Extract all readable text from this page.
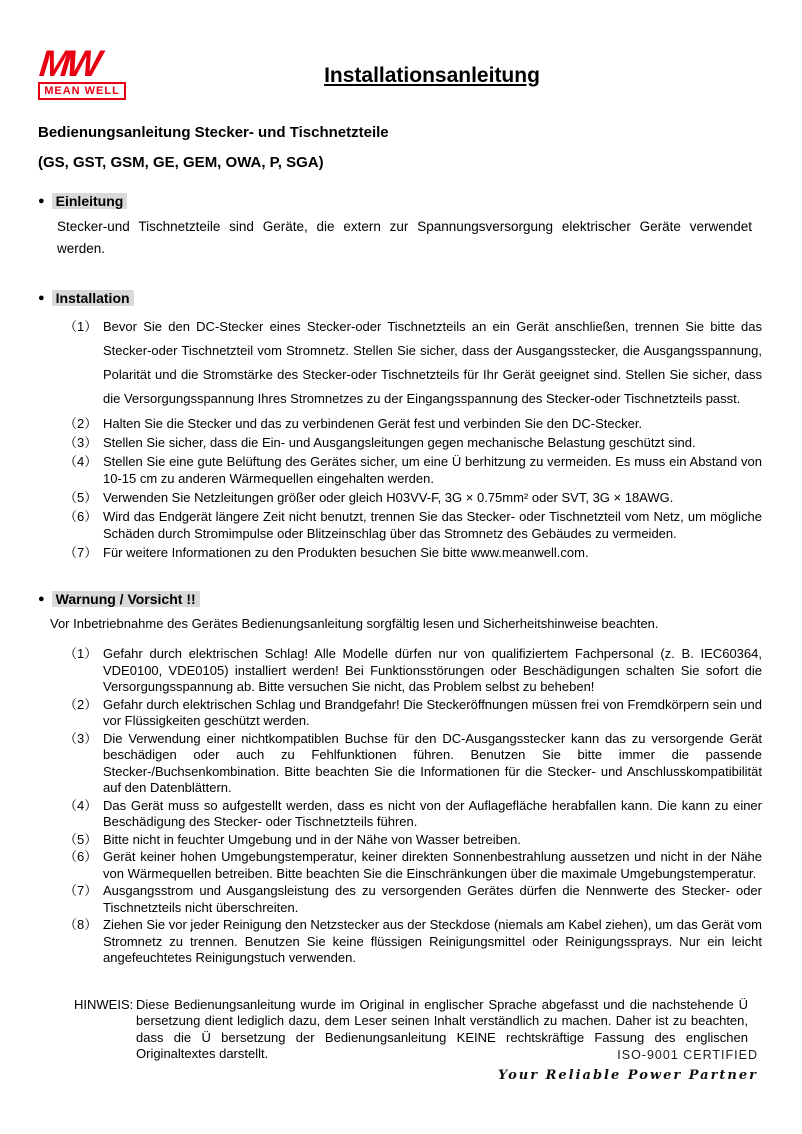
MW
MEAN WELL
Installationsanleitung
Bedienungsanleitung Stecker- und Tischnetzteile
(GS, GST, GSM, GE, GEM, OWA, P, SGA)
● Einleitung

Stecker-und Tischnetzteile sind Geräte, die extern zur Spannungsversorgung elektrischer Geräte verwendet werden.

● Installation
（1） Bevor Sie den DC-Stecker eines Stecker-oder Tischnetzteils an ein Gerät anschließen, trennen Sie bitte das Stecker-oder Tischnetzteil vom Stromnetz. Stellen Sie sicher, dass der Ausgangsstecker, die Ausgangsspannung, Polarität und die Stromstärke des Stecker-oder Tischnetzteils für Ihr Gerät geeignet sind. Stellen Sie sicher, dass die Versorgungsspannung Ihres Stromnetzes zu der Eingangsspannung des Stecker-oder Tischnetzteils passt.
（2） Halten Sie die Stecker und das zu verbindenen Gerät fest und verbinden Sie den DC-Stecker.
（3） Stellen Sie sicher, dass die Ein- und Ausgangsleitungen gegen mechanische Belastung geschützt sind.
（4） Stellen Sie eine gute Belüftung des Gerätes sicher, um eine Ü berhitzung zu vermeiden. Es muss ein Abstand von 10-15 cm zu anderen Wärmequellen eingehalten werden.
（5） Verwenden Sie Netzleitungen größer oder gleich H03VV-F, 3G × 0.75mm² oder SVT, 3G × 18AWG.
（6） Wird das Endgerät längere Zeit nicht benutzt, trennen Sie das Stecker- oder Tischnetzteil vom Netz, um mögliche Schäden durch Stromimpulse oder Blitzeinschlag über das Stromnetz des Gebäudes zu vermeiden.
（7） Für weitere Informationen zu den Produkten besuchen Sie bitte www.meanwell.com.
● Warnung / Vorsicht !!

Vor Inbetriebnahme des Gerätes Bedienungsanleitung sorgfältig lesen und Sicherheitshinweise beachten.

（1） Gefahr durch elektrischen Schlag! Alle Modelle dürfen nur von qualifiziertem Fachpersonal (z. B. IEC60364, VDE0100, VDE0105) installiert werden! Bei Funktionsstörungen oder Beschädigungen schalten Sie sofort die Versorgungsspannung ab. Bitte versuchen Sie nicht, das Problem selbst zu beheben!
（2） Gefahr durch elektrischen Schlag und Brandgefahr! Die Steckeröffnungen müssen frei von Fremdkörpern sein und vor Flüssigkeiten geschützt werden.
（3） Die Verwendung einer nichtkompatiblen Buchse für den DC-Ausgangsstecker kann das zu versorgende Gerät beschädigen oder auch zu Fehlfunktionen führen. Benutzen Sie bitte immer die passende Stecker-/Buchsenkombination. Bitte beachten Sie die Informationen für die Stecker- und Anschlusskompatibilität auf den Datenblättern.
（4） Das Gerät muss so aufgestellt werden, dass es nicht von der Auflagefläche herabfallen kann. Die kann zu einer Beschädigung des Stecker- oder Tischnetzteils führen.
（5） Bitte nicht in feuchter Umgebung und in der Nähe von Wasser betreiben.
（6） Gerät keiner hohen Umgebungstemperatur, keiner direkten Sonnenbestrahlung aussetzen und nicht in der Nähe von Wärmequellen betreiben. Bitte beachten Sie die Einschränkungen über die maximale Umgebungstemperatur.
（7） Ausgangsstrom und Ausgangsleistung des zu versorgenden Gerätes dürfen die Nennwerte des Stecker- oder Tischnetzteils nicht überschreiten.
（8） Ziehen Sie vor jeder Reinigung den Netzstecker aus der Steckdose (niemals am Kabel ziehen), um das Gerät vom Stromnetz zu trennen. Benutzen Sie keine flüssigen Reinigungsmittel oder Reinigungssprays. Nur ein leicht angefeuchtetes Reinigungstuch verwenden.
HINWEIS: Diese Bedienungsanleitung wurde im Original in englischer Sprache abgefasst und die nachstehende Ü bersetzung dient lediglich dazu, dem Leser seinen Inhalt verständlich zu machen. Daher ist zu beachten, dass die Ü bersetzung der Bedienungsanleitung KEINE rechtskräftige Fassung des englischen Originaltextes darstellt.	ISO-9001 CERTIFIED
Your Reliable Power Partner
